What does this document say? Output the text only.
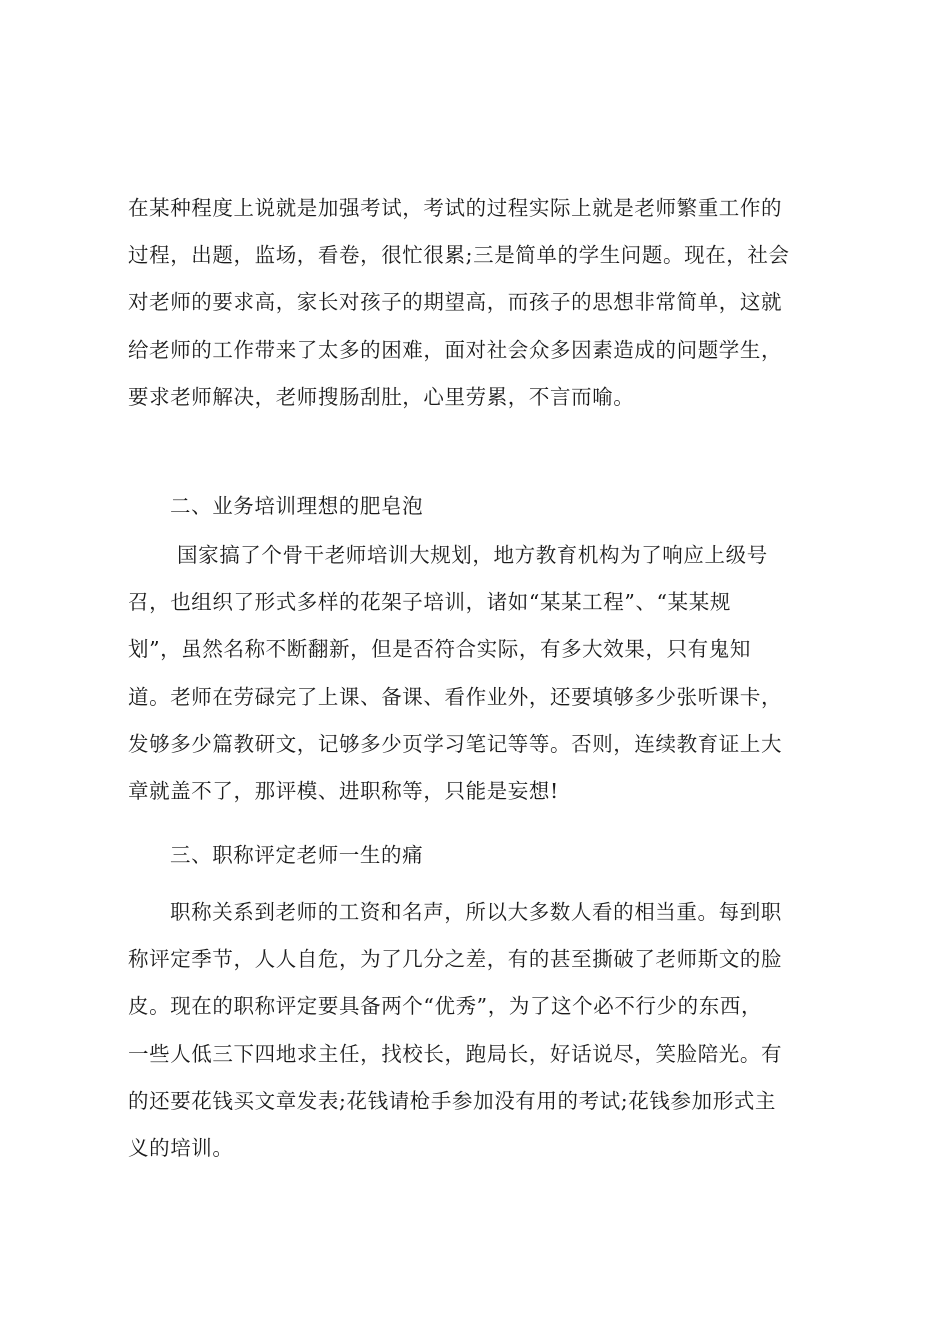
在某种程度上说就是加强考试，考试的过程实际上就是老师繁重工作的
过程，出题，监场，看卷，很忙很累;三是简单的学生问题。现在，社会
对老师的要求高，家长对孩子的期望高，而孩子的思想非常简单，这就
给老师的工作带来了太多的困难，面对社会众多因素造成的问题学生，
要求老师解决，老师搜肠刮肚，心里劳累，不言而喻。
二、业务培训理想的肥皂泡
国家搞了个骨干老师培训大规划，地方教育机构为了响应上级号
召，也组织了形式多样的花架子培训，诸如“某某工程”、“某某规
划”，虽然名称不断翻新，但是否符合实际，有多大效果，只有鬼知
道。老师在劳碌完了上课、备课、看作业外，还要填够多少张听课卡，
发够多少篇教研文，记够多少页学习笔记等等。否则，连续教育证上大
章就盖不了，那评模、进职称等，只能是妄想!
三、职称评定老师一生的痛
职称关系到老师的工资和名声，所以大多数人看的相当重。每到职
称评定季节，人人自危，为了几分之差，有的甚至撕破了老师斯文的脸
皮。现在的职称评定要具备两个“优秀”，为了这个必不行少的东西，
一些人低三下四地求主任，找校长，跑局长，好话说尽，笑脸陪光。有
的还要花钱买文章发表;花钱请枪手参加没有用的考试;花钱参加形式主
义的培训。
